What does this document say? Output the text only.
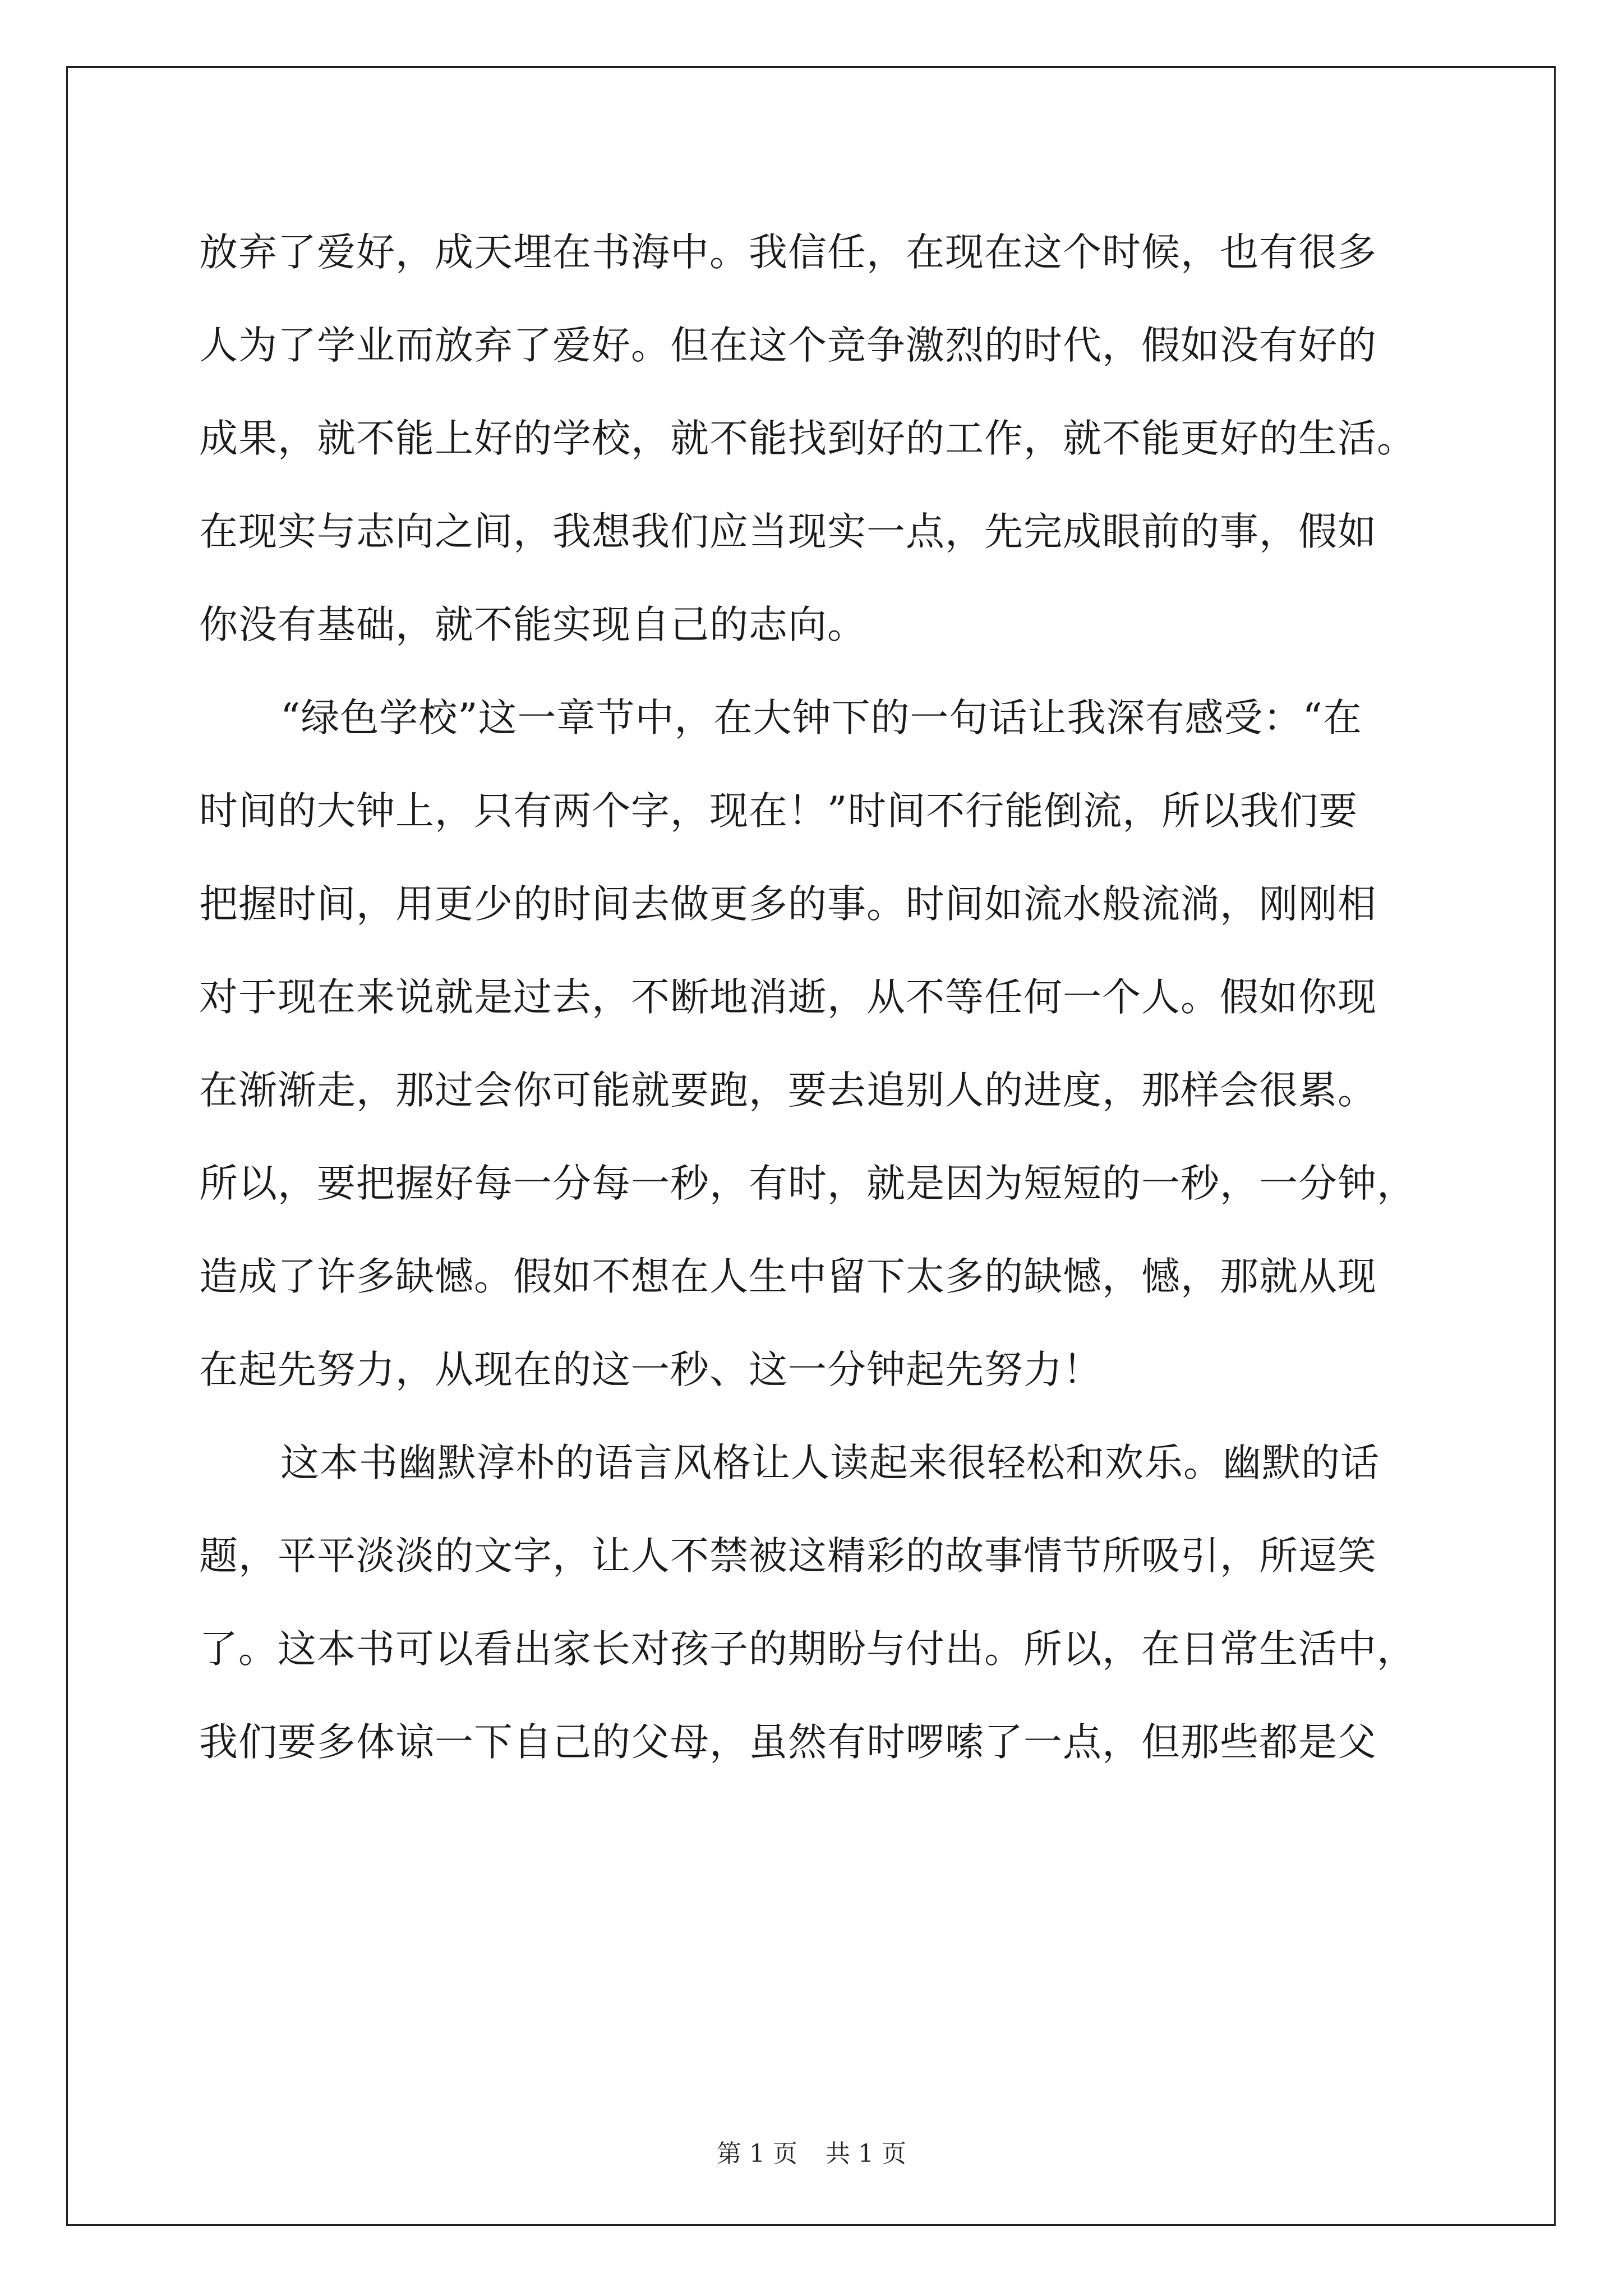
放弃了爱好，成天埋在书海中。我信任，在现在这个时候，也有很多
人为了学业而放弃了爱好。但在这个竞争激烈的时代，假如没有好的
成果，就不能上好的学校，就不能找到好的工作，就不能更好的生活。
在现实与志向之间，我想我们应当现实一点，先完成眼前的事，假如
你没有基础，就不能实现自己的志向。
“绿色学校”这一章节中，在大钟下的一句话让我深有感受：“在
时间的大钟上，只有两个字，现在！”时间不行能倒流，所以我们要
把握时间，用更少的时间去做更多的事。时间如流水般流淌，刚刚相
对于现在来说就是过去，不断地消逝，从不等任何一个人。假如你现
在渐渐走，那过会你可能就要跑，要去追别人的进度，那样会很累。
所以，要把握好每一分每一秒，有时，就是因为短短的一秒，一分钟，
造成了许多缺憾。假如不想在人生中留下太多的缺憾，憾，那就从现
在起先努力，从现在的这一秒、这一分钟起先努力！
这本书幽默淳朴的语言风格让人读起来很轻松和欢乐。幽默的话
题，平平淡淡的文字，让人不禁被这精彩的故事情节所吸引，所逗笑
了。这本书可以看出家长对孩子的期盼与付出。所以，在日常生活中，
我们要多体谅一下自己的父母，虽然有时啰嗦了一点，但那些都是父
第 1 页 共 1 页
